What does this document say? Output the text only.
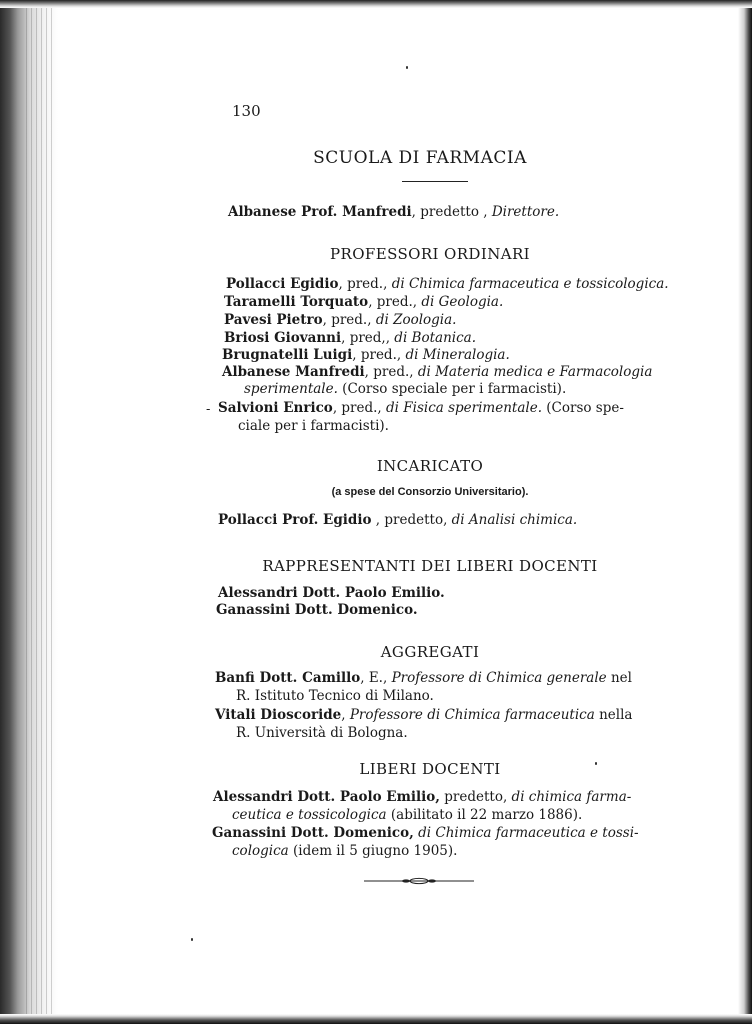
130
SCUOLA DI FARMACIA
Albanese Prof. Manfredi, predetto , Direttore.
PROFESSORI ORDINARI
Pollacci Egidio, pred., di Chimica farmaceutica e tossicologica.
Taramelli Torquato, pred., di Geologia.
Pavesi Pietro, pred., di Zoologia.
Briosi Giovanni, pred,, di Botanica.
Brugnatelli Luigi, pred., di Mineralogia.
Albanese Manfredi, pred., di Materia medica e Farmacologia
sperimentale. (Corso speciale per i farmacisti).
- Salvioni Enrico, pred., di Fisica sperimentale. (Corso spe-
ciale per i farmacisti).
INCARICATO
(a spese del Consorzio Universitario).
Pollacci Prof. Egidio , predetto, di Analisi chimica.
RAPPRESENTANTI DEI LIBERI DOCENTI
Alessandri Dott. Paolo Emilio.
Ganassini Dott. Domenico.
AGGREGATI
Banfi Dott. Camillo, E., Professore di Chimica generale nel
R. Istituto Tecnico di Milano.
Vitali Dioscoride, Professore di Chimica farmaceutica nella
R. Università di Bologna.
LIBERI DOCENTI
Alessandri Dott. Paolo Emilio, predetto, di chimica farma-
ceutica e tossicologica (abilitato il 22 marzo 1886).
Ganassini Dott. Domenico, di Chimica farmaceutica e tossi-
cologica (idem il 5 giugno 1905).
